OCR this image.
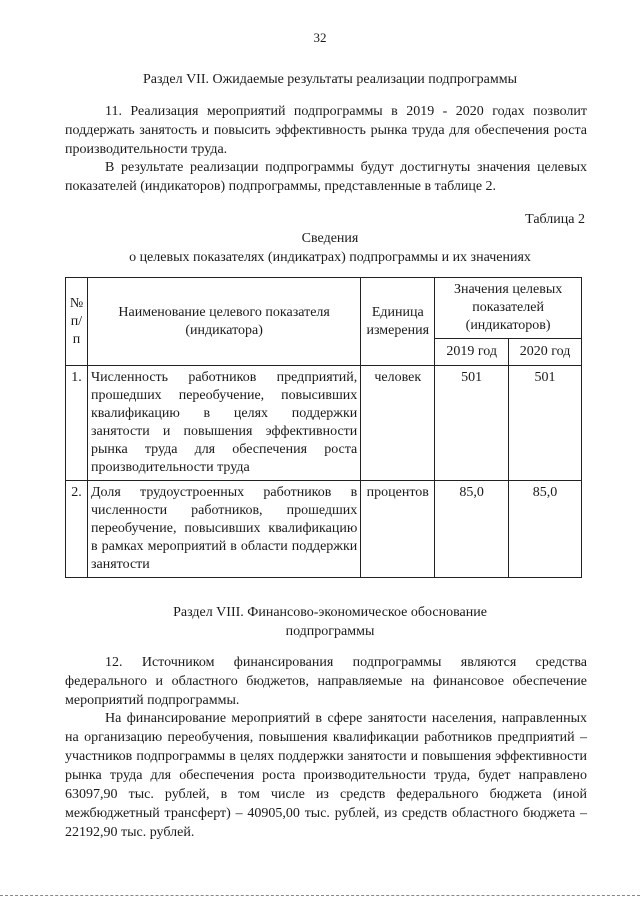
32
Раздел VII. Ожидаемые результаты реализации подпрограммы

11. Реализация мероприятий подпрограммы в 2019 - 2020 годах позволит поддержать занятость и повысить эффективность рынка труда для обеспечения роста производительности труда.

В результате реализации подпрограммы будут достигнуты значения целевых показателей (индикаторов) подпрограммы, представленные в таблице 2.

Таблица 2
Сведения
о целевых показателях (индикатрах) подпрограммы и их значениях
№ п/п	Наименование целевого показателя (индикатора)	Единица измерения	Значения целевых показателей (индикаторов)	
			2019 год	2020 год
1.	Численность работников предприятий, прошедших переобучение, повысивших квалификацию в целях поддержки занятости и повышения эффективности рынка труда для обеспечения роста производительности труда	человек	501	501
2.	Доля трудоустроенных работников в численности работников, прошедших переобучение, повысивших квалификацию в рамках мероприятий в области поддержки занятости	процентов	85,0	85,0
Раздел VIII. Финансово-экономическое обоснование
подпрограммы

12. Источником финансирования подпрограммы являются средства федерального и областного бюджетов, направляемые на финансовое обеспечение мероприятий подпрограммы.

На финансирование мероприятий в сфере занятости населения, направленных на организацию переобучения, повышения квалификации работников предприятий – участников подпрограммы в целях поддержки занятости и повышения эффективности рынка труда для обеспечения роста производительности труда, будет направлено 63097,90 тыс. рублей, в том числе из средств федерального бюджета (иной межбюджетный трансферт) – 40905,00 тыс. рублей, из средств областного бюджета – 22192,90 тыс. рублей.
